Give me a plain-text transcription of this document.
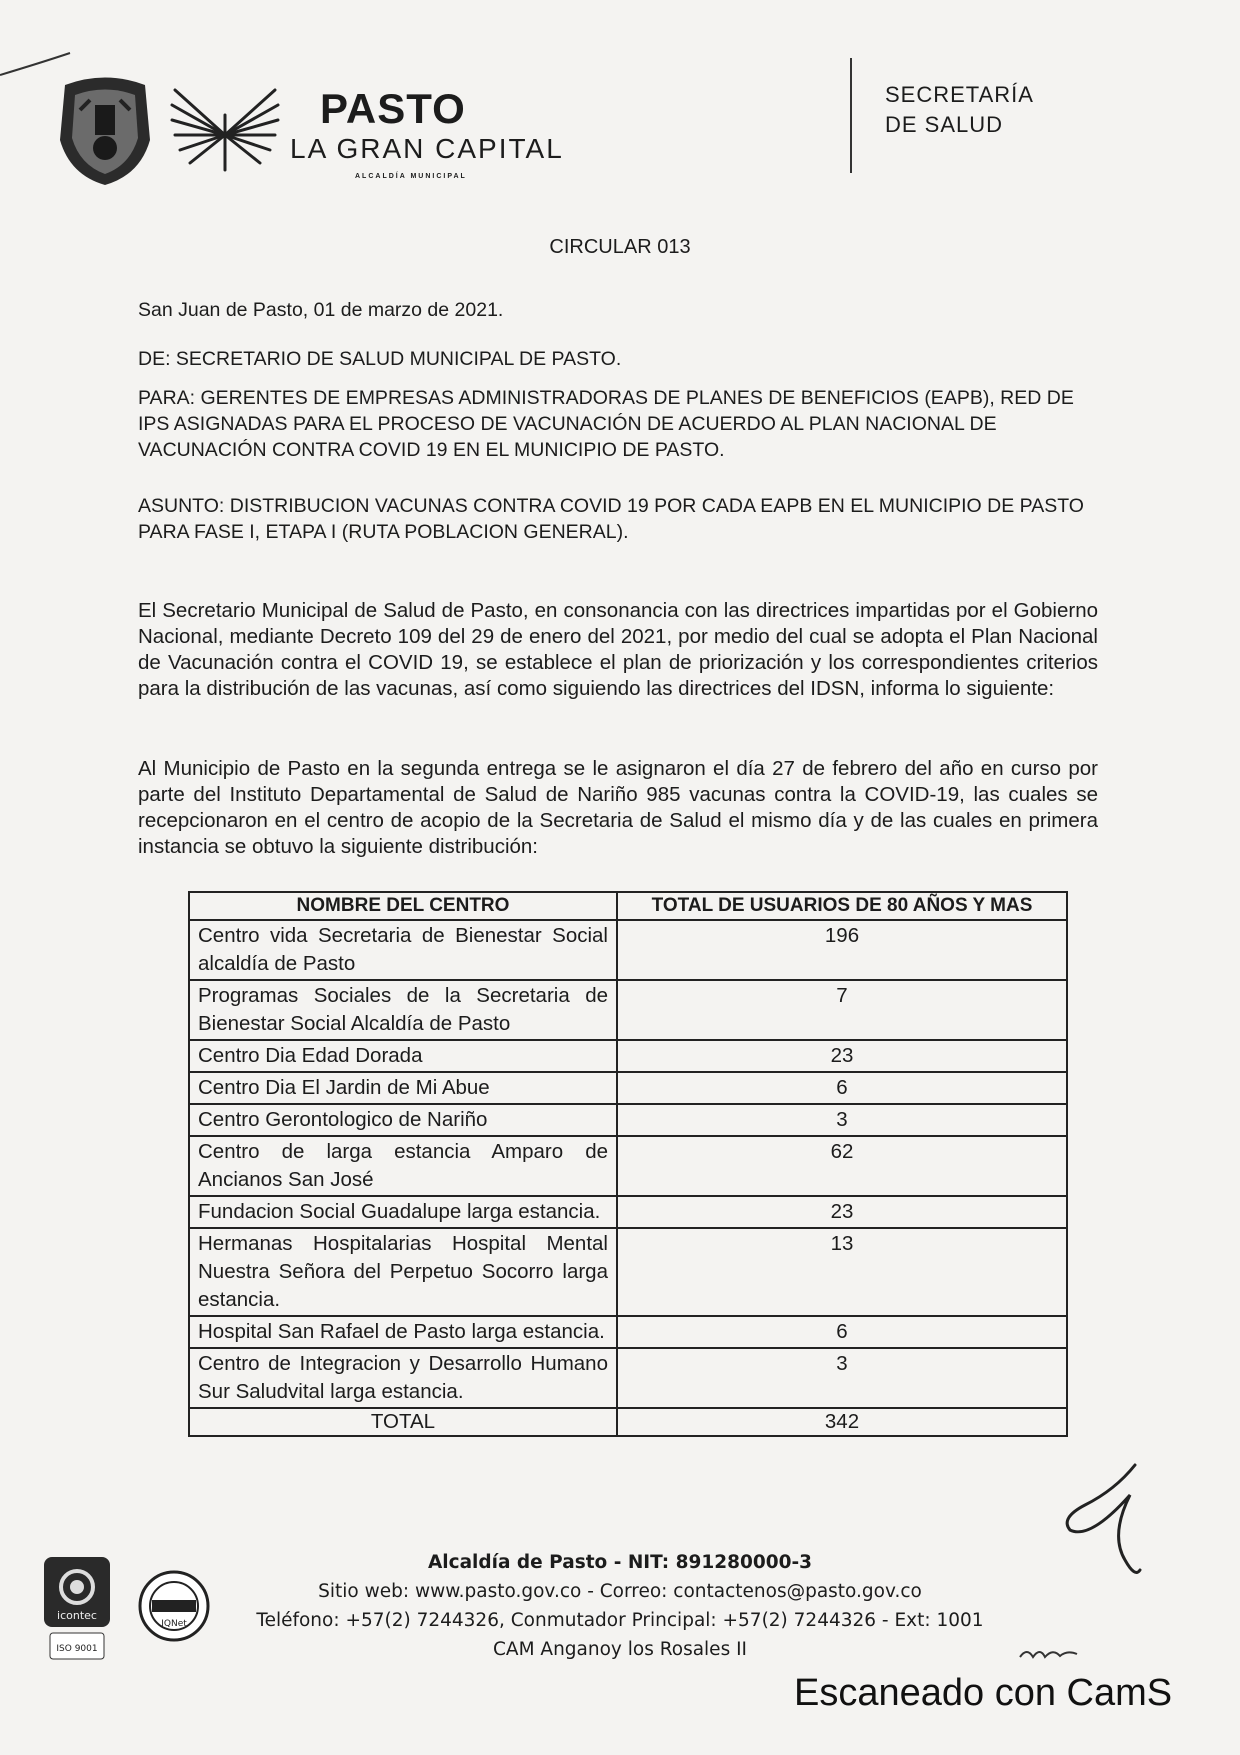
PASTO
LA GRAN CAPITAL
ALCALDÍA MUNICIPAL
SECRETARÍA
DE SALUD
CIRCULAR 013
San Juan de Pasto, 01 de marzo de 2021.
DE: SECRETARIO DE SALUD MUNICIPAL DE PASTO.
PARA: GERENTES DE EMPRESAS ADMINISTRADORAS DE PLANES DE BENEFICIOS (EAPB), RED DE IPS ASIGNADAS PARA EL PROCESO DE VACUNACIÓN DE ACUERDO AL PLAN NACIONAL DE VACUNACIÓN CONTRA COVID 19 EN EL MUNICIPIO DE PASTO.
ASUNTO: DISTRIBUCION VACUNAS CONTRA COVID 19 POR CADA EAPB EN EL MUNICIPIO DE PASTO PARA FASE I, ETAPA I (RUTA POBLACION GENERAL).
El Secretario Municipal de Salud de Pasto, en consonancia con las directrices impartidas por el Gobierno Nacional, mediante Decreto 109 del 29 de enero del 2021, por medio del cual se adopta el Plan Nacional de Vacunación contra el COVID 19, se establece el plan de priorización y los correspondientes criterios para la distribución de las vacunas, así como siguiendo las directrices del IDSN, informa lo siguiente:
Al Municipio de Pasto en la segunda entrega se le asignaron el día 27 de febrero del año en curso por parte del Instituto Departamental de Salud de Nariño 985 vacunas contra la COVID-19, las cuales se recepcionaron en el centro de acopio de la Secretaria de Salud el mismo día y de las cuales en primera instancia se obtuvo la siguiente distribución:
NOMBRE DEL CENTRO	TOTAL DE USUARIOS DE 80 AÑOS Y MAS
Centro vida Secretaria de Bienestar Social alcaldía de Pasto	196
Programas Sociales de la Secretaria de Bienestar Social Alcaldía de Pasto	7
Centro Dia Edad Dorada	23
Centro Dia El Jardin de Mi Abue	6
Centro Gerontologico de Nariño	3
Centro de larga estancia Amparo de Ancianos San José	62
Fundacion Social Guadalupe larga estancia.	23
Hermanas Hospitalarias Hospital Mental Nuestra Señora del Perpetuo Socorro larga estancia.	13
Hospital San Rafael de Pasto larga estancia.	6
Centro de Integracion y Desarrollo Humano Sur Saludvital larga estancia.	3
TOTAL	342
icontec
ISO 9001
IQNet
Alcaldía de Pasto - NIT: 891280000-3
Sitio web: www.pasto.gov.co - Correo: contactenos@pasto.gov.co
Teléfono: +57(2) 7244326, Conmutador Principal: +57(2) 7244326 - Ext: 1001
CAM Anganoy los Rosales II
Escaneado con CamS
